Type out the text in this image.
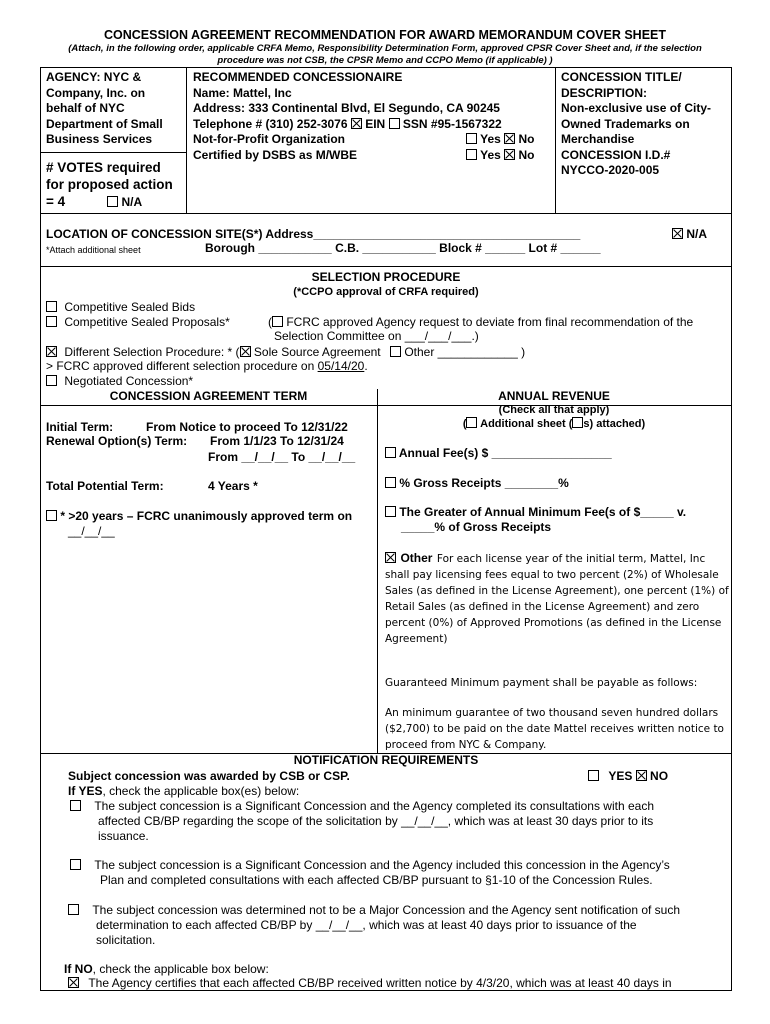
CONCESSION AGREEMENT RECOMMENDATION FOR AWARD MEMORANDUM COVER SHEET
(Attach, in the following order, applicable CRFA Memo, Responsibility Determination Form, approved CPSR Cover Sheet and, if the selection
procedure was not CSB, the CPSR Memo and CCPO Memo (if applicable) )
AGENCY: NYC &
Company, Inc. on
behalf of NYC
Department of Small
Business Services
# VOTES required
for proposed action
= 4	N/A
RECOMMENDED CONCESSIONAIRE
Name: Mattel, Inc
Address: 333 Continental Blvd, El Segundo, CA 90245
Telephone # (310) 252-3076 EIN SSN #95-1567322
Not-for-Profit Organization	Yes No
Certified by DSBS as M/WBE	Yes No
CONCESSION TITLE/
DESCRIPTION:
Non-exclusive use of City-
Owned Trademarks on
Merchandise
CONCESSION I.D.#
NYCCO-2020-005
LOCATION OF CONCESSION SITE(S*) Address________________________________________	N/A
*Attach additional sheet	Borough ___________ C.B. ___________ Block # ______ Lot # ______
SELECTION PROCEDURE
(*CCPO approval of CRFA required)
Competitive Sealed Bids
Competitive Sealed Proposals*	( FCRC approved Agency request to deviate from final recommendation of the
Selection Committee on ___/___/___.)
Different Selection Procedure: * ( Sole Source Agreement Other ____________ )
> FCRC approved different selection procedure on 05/14/20.
Negotiated Concession*
CONCESSION AGREEMENT TERM
Initial Term:	From Notice to proceed To 12/31/22
Renewal Option(s) Term: From 1/1/23 To 12/31/24
From __/__/__ To __/__/__
Total Potential Term:	4 Years *
* >20 years – FCRC unanimously approved term on
__/__/__
ANNUAL REVENUE
(Check all that apply)
( Additional sheet ( s) attached)
Annual Fee(s) $ __________________
% Gross Receipts ________%
The Greater of Annual Minimum Fee(s of $_____ v.
_____% of Gross Receipts
Other For each license year of the initial term, Mattel, Inc
shall pay licensing fees equal to two percent (2%) of Wholesale
Sales (as defined in the License Agreement), one percent (1%) of
Retail Sales (as defined in the License Agreement) and zero
percent (0%) of Approved Promotions (as defined in the License
Agreement)
Guaranteed Minimum payment shall be payable as follows:
An minimum guarantee of two thousand seven hundred dollars
($2,700) to be paid on the date Mattel receives written notice to
proceed from NYC & Company.
NOTIFICATION REQUIREMENTS
Subject concession was awarded by CSB or CSP.	YES NO
If YES, check the applicable box(es) below:
The subject concession is a Significant Concession and the Agency completed its consultations with each
affected CB/BP regarding the scope of the solicitation by __/__/__, which was at least 30 days prior to its
issuance.
The subject concession is a Significant Concession and the Agency included this concession in the Agency’s
Plan and completed consultations with each affected CB/BP pursuant to §1-10 of the Concession Rules.
The subject concession was determined not to be a Major Concession and the Agency sent notification of such
determination to each affected CB/BP by __/__/__, which was at least 40 days prior to issuance of the
solicitation.
If NO, check the applicable box below:
The Agency certifies that each affected CB/BP received written notice by 4/3/20, which was at least 40 days in
